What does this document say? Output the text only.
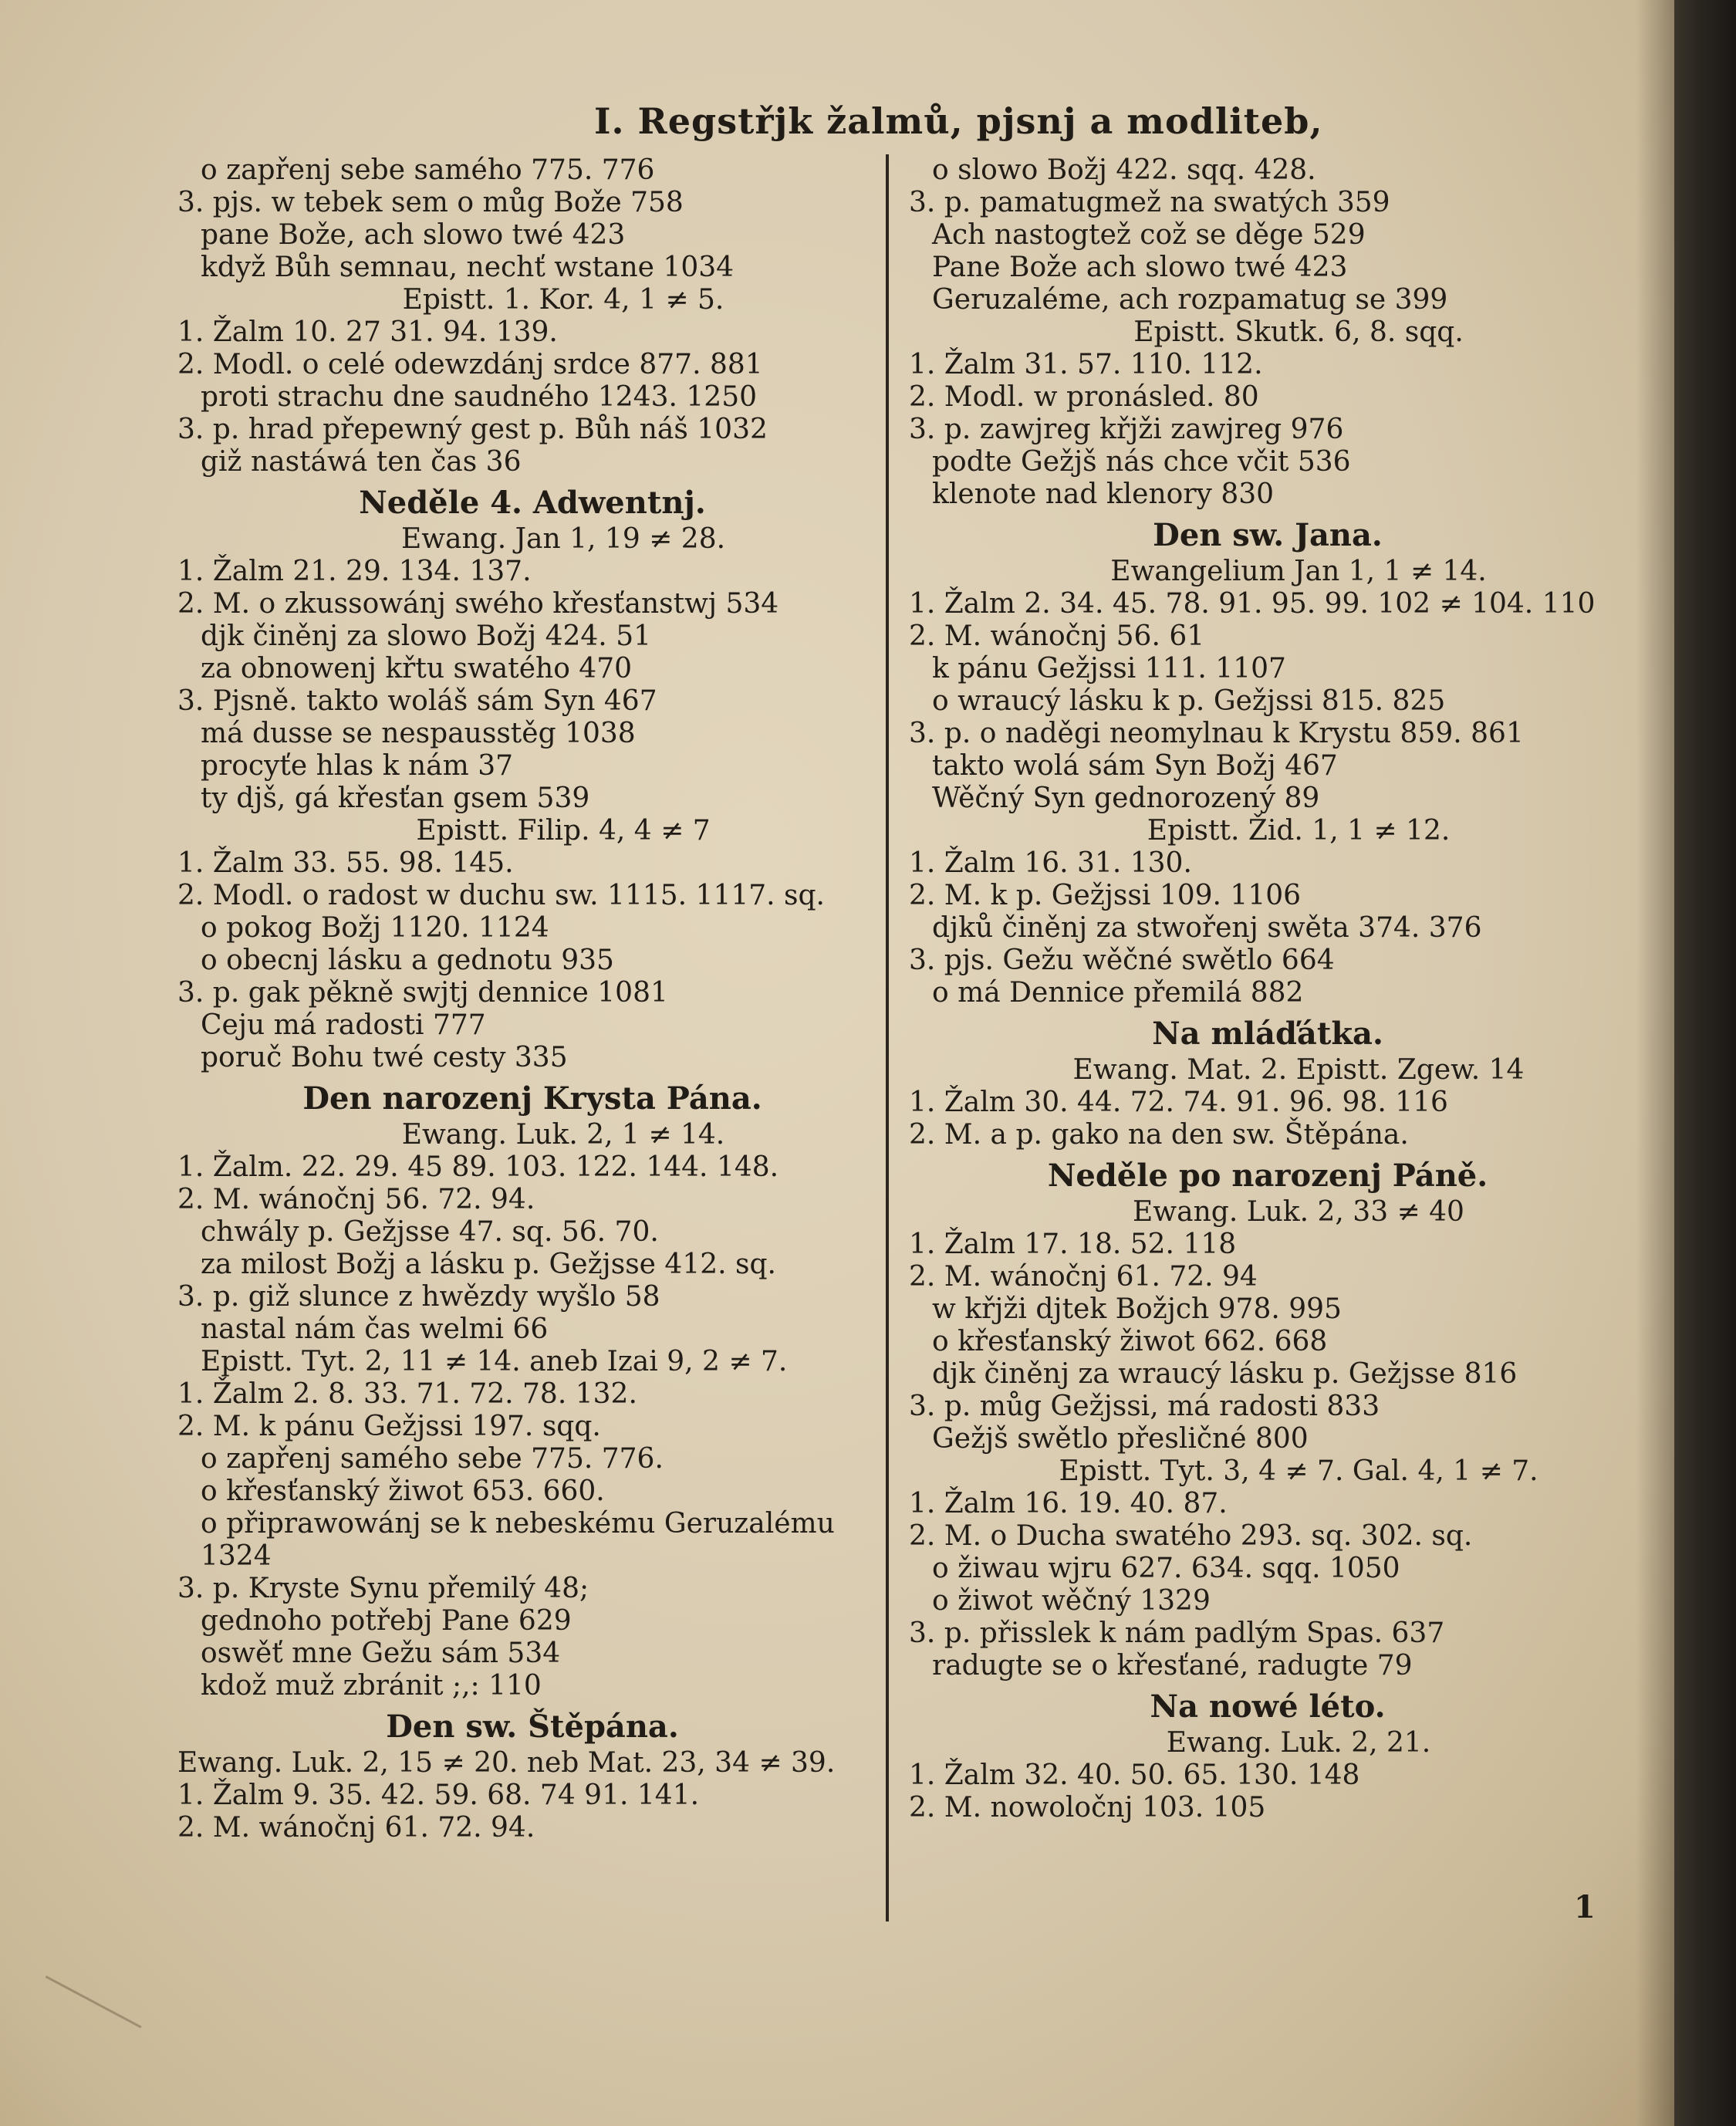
I. Regstřjk žalmů, pjsnj a modliteb,
o zapřenj sebe samého 775. 776
3. pjs. w tebek sem o můg Bože 758
pane Bože, ach slowo twé 423
když Bůh semnau, nechť wstane 1034
Epistt. 1. Kor. 4, 1 ≠ 5.
1. Žalm 10. 27 31. 94. 139.
2. Modl. o celé odewzdánj srdce 877. 881
proti strachu dne saudného 1243. 1250
3. p. hrad přepewný gest p. Bůh náš 1032
giž nastáwá ten čas 36
Neděle 4. Adwentnj.
Ewang. Jan 1, 19 ≠ 28.
1. Žalm 21. 29. 134. 137.
2. M. o zkussowánj swého křesťanstwj 534
djk činěnj za slowo Božj 424. 51
za obnowenj křtu swatého 470
3. Pjsně. takto woláš sám Syn 467
má dusse se nespausstěg 1038
procyťe hlas k nám 37
ty djš, gá křesťan gsem 539
Epistt. Filip. 4, 4 ≠ 7
1. Žalm 33. 55. 98. 145.
2. Modl. o radost w duchu sw. 1115. 1117. sq.
o pokog Božj 1120. 1124
o obecnj lásku a gednotu 935
3. p. gak pěkně swjtj dennice 1081
Ceju má radosti 777
poruč Bohu twé cesty 335
Den narozenj Krysta Pána.
Ewang. Luk. 2, 1 ≠ 14.
1. Žalm. 22. 29. 45 89. 103. 122. 144. 148.
2. M. wánočnj 56. 72. 94.
chwály p. Gežjsse 47. sq. 56. 70.
za milost Božj a lásku p. Gežjsse 412. sq.
3. p. giž slunce z hwězdy wyšlo 58
nastal nám čas welmi 66
Epistt. Tyt. 2, 11 ≠ 14. aneb Izai 9, 2 ≠ 7.
1. Žalm 2. 8. 33. 71. 72. 78. 132.
2. M. k pánu Gežjssi 197. sqq.
o zapřenj samého sebe 775. 776.
o křesťanský žiwot 653. 660.
o připrawowánj se k nebeskému Geruzalému
1324
3. p. Kryste Synu přemilý 48;
gednoho potřebj Pane 629
oswěť mne Gežu sám 534
kdož muž zbránit ;,: 110
Den sw. Štěpána.
Ewang. Luk. 2, 15 ≠ 20. neb Mat. 23, 34 ≠ 39.
1. Žalm 9. 35. 42. 59. 68. 74 91. 141.
2. M. wánočnj 61. 72. 94.
o slowo Božj 422. sqq. 428.
3. p. pamatugmež na swatých 359
Ach nastogtež což se děge 529
Pane Bože ach slowo twé 423
Geruzaléme, ach rozpamatug se 399
Epistt. Skutk. 6, 8. sqq.
1. Žalm 31. 57. 110. 112.
2. Modl. w pronásled. 80
3. p. zawjreg křjži zawjreg 976
podte Gežjš nás chce včit 536
klenote nad klenory 830
Den sw. Jana.
Ewangelium Jan 1, 1 ≠ 14.
1. Žalm 2. 34. 45. 78. 91. 95. 99. 102 ≠ 104. 110
2. M. wánočnj 56. 61
k pánu Gežjssi 111. 1107
o wraucý lásku k p. Gežjssi 815. 825
3. p. o naděgi neomylnau k Krystu 859. 861
takto wolá sám Syn Božj 467
Wěčný Syn gednorozený 89
Epistt. Žid. 1, 1 ≠ 12.
1. Žalm 16. 31. 130.
2. M. k p. Gežjssi 109. 1106
djků činěnj za stwořenj swěta 374. 376
3. pjs. Gežu wěčné swětlo 664
o má Dennice přemilá 882
Na mláďátka.
Ewang. Mat. 2. Epistt. Zgew. 14
1. Žalm 30. 44. 72. 74. 91. 96. 98. 116
2. M. a p. gako na den sw. Štěpána.
Neděle po narozenj Páně.
Ewang. Luk. 2, 33 ≠ 40
1. Žalm 17. 18. 52. 118
2. M. wánočnj 61. 72. 94
w křjži djtek Božjch 978. 995
o křesťanský žiwot 662. 668
djk činěnj za wraucý lásku p. Gežjsse 816
3. p. můg Gežjssi, má radosti 833
Gežjš swětlo přesličné 800
Epistt. Tyt. 3, 4 ≠ 7. Gal. 4, 1 ≠ 7.
1. Žalm 16. 19. 40. 87.
2. M. o Ducha swatého 293. sq. 302. sq.
o žiwau wjru 627. 634. sqq. 1050
o žiwot wěčný 1329
3. p. přisslek k nám padlým Spas. 637
radugte se o křesťané, radugte 79
Na nowé léto.
Ewang. Luk. 2, 21.
1. Žalm 32. 40. 50. 65. 130. 148
2. M. nowoločnj 103. 105
1
